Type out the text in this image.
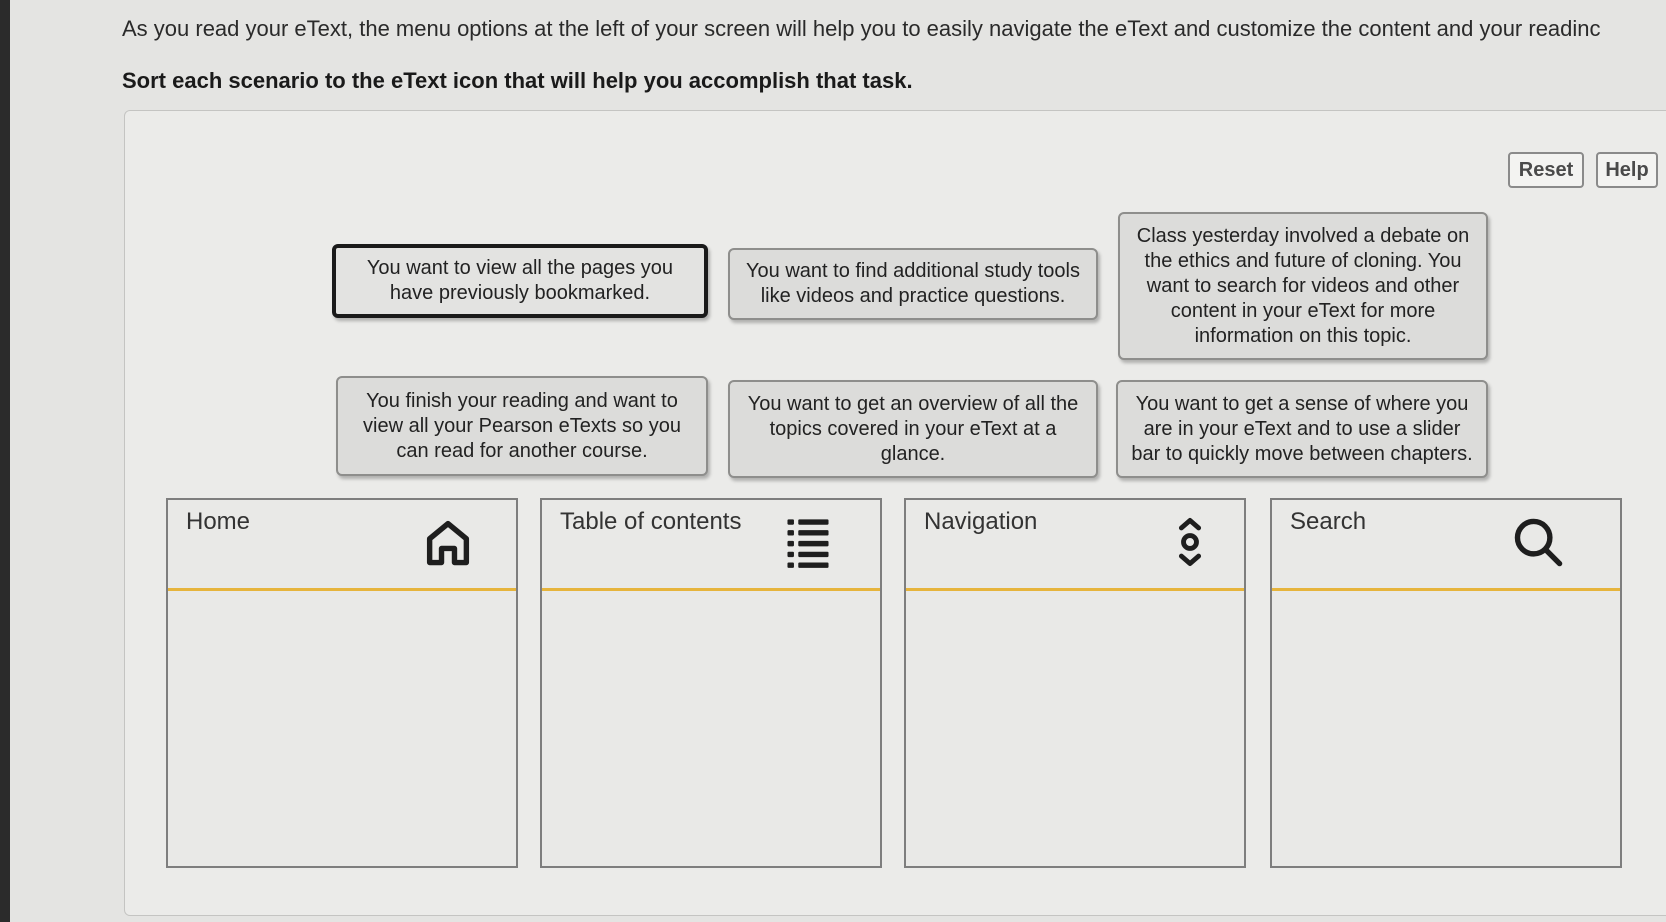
As you read your eText, the menu options at the left of your screen will help you to easily navigate the eText and customize the content and your readinc
Sort each scenario to the eText icon that will help you accomplish that task.
Reset	Help
You want to view all the pages you have previously bookmarked.
You want to find additional study tools like videos and practice questions.
Class yesterday involved a debate on the ethics and future of cloning. You want to search for videos and other content in your eText for more information on this topic.
You finish your reading and want to view all your Pearson eTexts so you can read for another course.
You want to get an overview of all the topics covered in your eText at a glance.
You want to get a sense of where you are in your eText and to use a slider bar to quickly move between chapters.
Home	Table of contents	Navigation	Search
